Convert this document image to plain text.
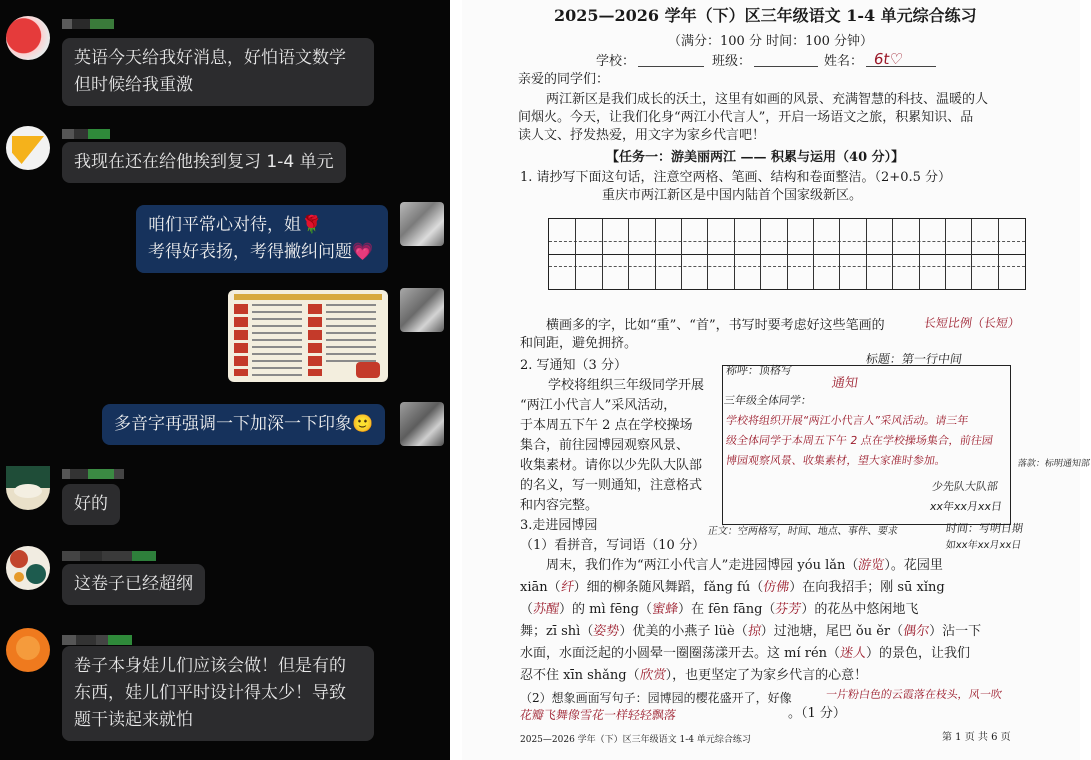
英语今天给我好消息，好怕语文数学
但时候给我重激
我现在还在给他挨到复习 1-4 单元
咱们平常心对待，姐🌹
考得好表扬，考得撇纠问题💗
多音字再强调一下加深一下印象🙂
好的
这卷子已经超纲
卷子本身娃儿们应该会做！但是有的
东西，娃儿们平时设计得太少！导致
题干读起来就怕
2025—2026 学年（下）区三年级语文 1-4 单元综合练习
（满分：100 分 时间：100 分钟）
学校：	班级：	姓名： 6t♡
亲爱的同学们：
两江新区是我们成长的沃土，这里有如画的风景、充满智慧的科技、温暖的人
间烟火。今天，让我们化身“两江小代言人”，开启一场语文之旅，积累知识、品
读人文、抒发热爱，用文字为家乡代言吧！
【任务一：游美丽两江 —— 积累与运用（40 分）】
1. 请抄写下面这句话，注意空两格、笔画、结构和卷面整洁。（2+0.5 分）
重庆市两江新区是中国内陆首个国家级新区。
横画多的字，比如“重”、“首”，书写时要考虑好这些笔画的	长短比例（长短）
和间距，避免拥挤。
2. 写通知（3 分）
学校将组织三年级同学开展
“两江小代言人”采风活动，
于本周五下午 2 点在学校操场
集合，前往园博园观察风景、
收集素材。请你以少先队大队部
的名义，写一则通知，注意格式
和内容完整。
标题：第一行中间
称呼：顶格写
通知
三年级全体同学：
学校将组织开展“两江小代言人”采风活动。请三年
级全体同学于本周五下午 2 点在学校操场集合，前往园
博园观察风景、收集素材，望大家准时参加。
少先队大队部
xx年xx月xx日
落款：标明通知部
正文：空两格写，时间、地点、事件、要求	时间：写明日期
如xx年xx月xx日
3.走进园博园
（1）看拼音，写词语（10 分）
周末，我们作为“两江小代言人”走进园博园 yóu lǎn（游览）。花园里
xiān（纤）细的柳条随风舞蹈，fǎng fú（仿佛）在向我招手；刚 sū xǐng
（苏醒）的 mì fēng（蜜蜂）在 fēn fāng（芬芳）的花丛中悠闲地飞
舞；zī shì（姿势）优美的小燕子 lüè（掠）过池塘，尾巴 ǒu ěr（偶尔）沾一下
水面，水面泛起的小圆晕一圈圈荡漾开去。这 mí rén（迷人）的景色，让我们
忍不住 xīn shǎng（欣赏），也更坚定了为家乡代言的心意！
（2）想象画面写句子：园博园的樱花盛开了，好像	一片粉白色的云霞落在枝头，风一吹
花瓣飞舞像雪花一样轻轻飘落	。（1 分）
2025—2026 学年（下）区三年级语文 1-4 单元综合练习	第 1 页 共 6 页
